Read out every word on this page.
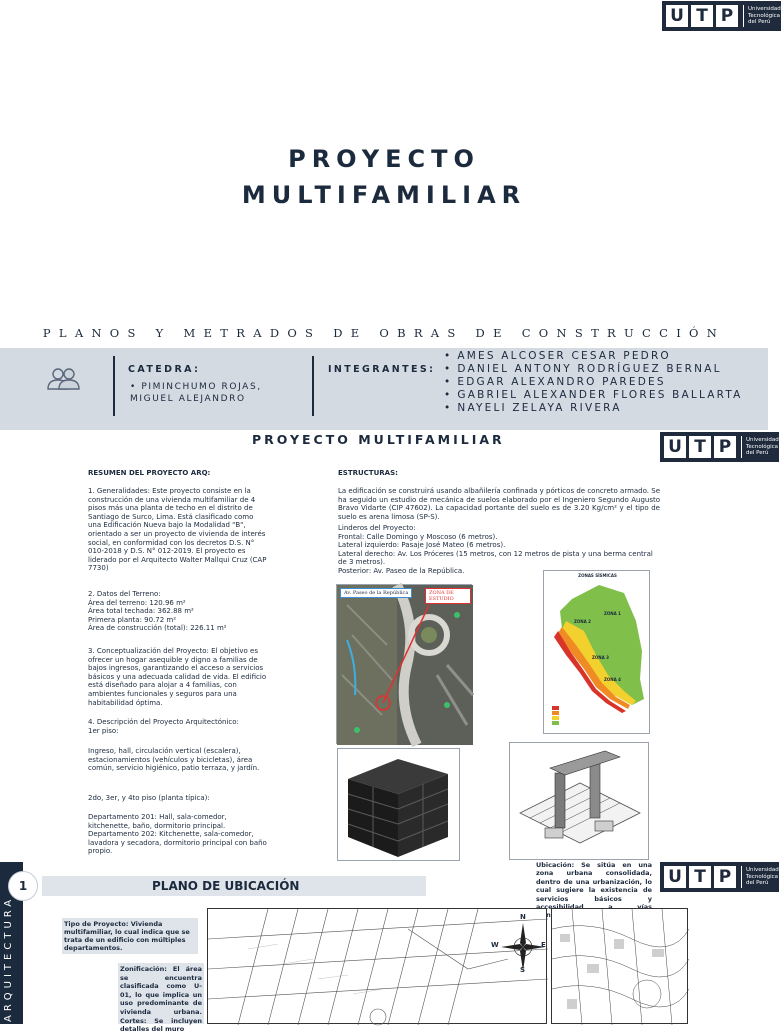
U T P	Universidad
Tecnológica
del Perú
PROYECTO
MULTIFAMILIAR
PLANOS Y METRADOS DE OBRAS DE CONSTRUCCIÓN
CATEDRA:
• PIMINCHUMO ROJAS, MIGUEL ALEJANDRO
INTEGRANTES:
• AMES ALCOSER CESAR PEDRO
• DANIEL ANTONY RODRÍGUEZ BERNAL
• EDGAR ALEXANDRO PAREDES
• GABRIEL ALEXANDER FLORES BALLARTA
• NAYELI ZELAYA RIVERA
PROYECTO MULTIFAMILIAR	U T P	Universidad
Tecnológica
del Perú
RESUMEN DEL PROYECTO ARQ:

1. Generalidades: Este proyecto consiste en la construcción de una vivienda multifamiliar de 4 pisos más una planta de techo en el distrito de Santiago de Surco, Lima. Está clasificado como una Edificación Nueva bajo la Modalidad "B", orientado a ser un proyecto de vivienda de interés social, en conformidad con los decretos D.S. N° 010-2018 y D.S. N° 012-2019. El proyecto es liderado por el Arquitecto Walter Mallqui Cruz (CAP 7730)

2. Datos del Terreno:
Área del terreno: 120.96 m²
Área total techada: 362.88 m²
Primera planta: 90.72 m²
Área de construcción (total): 226.11 m²

3. Conceptualización del Proyecto: El objetivo es ofrecer un hogar asequible y digno a familias de bajos ingresos, garantizando el acceso a servicios básicos y una adecuada calidad de vida. El edificio está diseñado para alojar a 4 familias, con ambientes funcionales y seguros para una habitabilidad óptima.

4. Descripción del Proyecto Arquitectónico:
1er piso:

Ingreso, hall, circulación vertical (escalera), estacionamientos (vehículos y bicicletas), área común, servicio higiénico, patio terraza, y jardín.

2do, 3er, y 4to piso (planta típica):

Departamento 201: Hall, sala-comedor, kitchenette, baño, dormitorio principal. Departamento 202: Kitchenette, sala-comedor, lavadora y secadora, dormitorio principal con baño propio.

ESTRUCTURAS:

La edificación se construirá usando albañilería confinada y pórticos de concreto armado. Se ha seguido un estudio de mecánica de suelos elaborado por el Ingeniero Segundo Augusto Bravo Vidarte (CIP 47602). La capacidad portante del suelo es de 3.20 Kg/cm² y el tipo de suelo es arena limosa (SP-S).

Linderos del Proyecto:
Frontal: Calle Domingo y Moscoso (6 metros).
Lateral izquierdo: Pasaje José Mateo (6 metros).
Lateral derecho: Av. Los Próceres (15 metros, con 12 metros de pista y una berma central de 3 metros).
Posterior: Av. Paseo de la República.
Av. Paseo de la República	ZONA DE ESTUDIO
ZONAS SÍSMICAS
ZONA 1
ZONA 2
ZONA 3
ZONA 4
ARQUITECTURA
1	PLANO DE UBICACIÓN	U T P	Universidad
Tecnológica
del Perú

Ubicación: Se sitúa en una zona urbana consolidada, dentro de una urbanización, lo cual sugiere la existencia de servicios básicos y

Tipo de Proyecto: Vivienda multifamiliar, lo cual indica que se trata de un edificio con múltiples departamentos.

Zonificación: El área se encuentra clasificada como U-01, lo que implica un uso predominante de vivienda urbana. Cortes: Se incluyen detalles del muro

N
S
W	E
